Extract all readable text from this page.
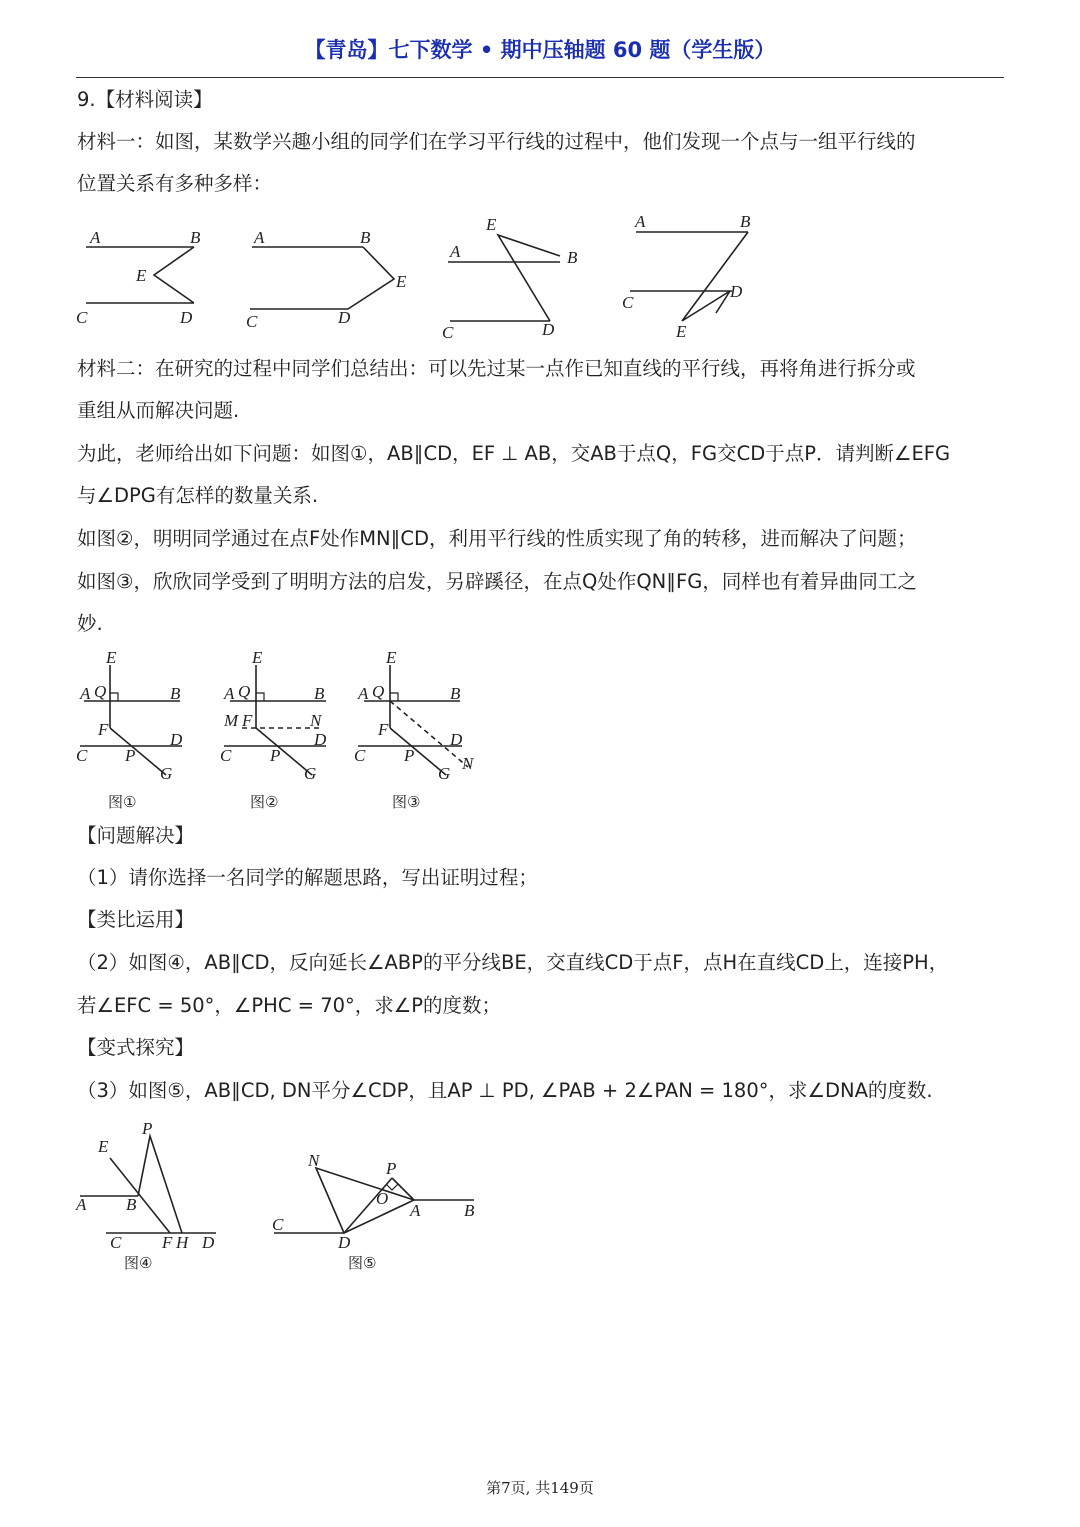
【青岛】七下数学 • 期中压轴题 60 题（学生版）
9.【材料阅读】
材料一：如图，某数学兴趣小组的同学们在学习平行线的过程中，他们发现一个点与一组平行线的
位置关系有多种多样：
A	B
E
C	D
A	B
E
C	D
A	B
E
C	D
A	B
C
D
E
材料二：在研究的过程中同学们总结出：可以先过某一点作已知直线的平行线，再将角进行拆分或
重组从而解决问题.
为此，老师给出如下问题：如图①，AB∥CD，EF ⊥ AB，交AB于点Q，FG交CD于点P．请判断∠EFG
与∠DPG有怎样的数量关系.
如图②，明明同学通过在点F处作MN∥CD，利用平行线的性质实现了角的转移，进而解决了问题；
如图③，欣欣同学受到了明明方法的启发，另辟蹊径，在点Q处作QN∥FG，同样也有着异曲同工之
妙.
E
A Q	B
F
D
C P
G
图①
E
A Q	B
M F	N
D
C P
G
图②
E
A Q	B
F
D
C P
G
N
图③
【问题解决】
（1）请你选择一名同学的解题思路，写出证明过程；
【类比运用】
（2）如图④，AB∥CD，反向延长∠ABP的平分线BE，交直线CD于点F，点H在直线CD上，连接PH，
若∠EFC = 50°，∠PHC = 70°，求∠P的度数；
【变式探究】
（3）如图⑤，AB∥CD, DN平分∠CDP，且AP ⊥ PD, ∠PAB + 2∠PAN = 180°，求∠DNA的度数.
E
P
A B
C F H D
图④
N	P
O
A	B
C
D
图⑤
第7页, 共149页
